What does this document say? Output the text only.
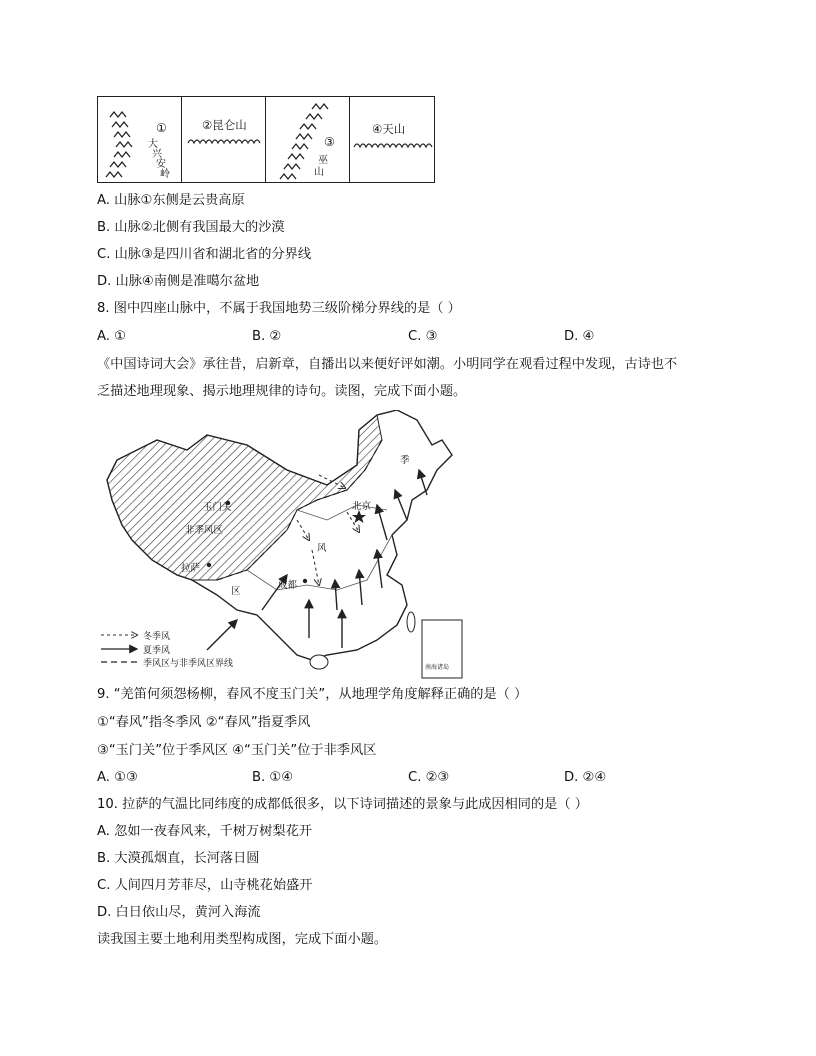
①
大
兴
安
岭
②昆仑山
③
巫
山
④天山
A. 山脉①东侧是云贵高原
B. 山脉②北侧有我国最大的沙漠
C. 山脉③是四川省和湖北省的分界线
D. 山脉④南侧是准噶尔盆地
8. 图中四座山脉中，不属于我国地势三级阶梯分界线的是（ ）
A. ①	B. ②	C. ③	D. ④
《中国诗词大会》承往昔，启新章，自播出以来便好评如潮。小明同学在观看过程中发现，古诗也不
乏描述地理现象、揭示地理规律的诗句。读图，完成下面小题。
玉门关
非季风区
拉萨
成都
北京
季
风
区
南海诸岛
冬季风
夏季风
季风区与非季风区界线
9. “羌笛何须怨杨柳，春风不度玉门关”，从地理学角度解释正确的是（ ）
①“春风”指冬季风 ②“春风”指夏季风
③“玉门关”位于季风区 ④“玉门关”位于非季风区
A. ①③	B. ①④	C. ②③	D. ②④
10. 拉萨的气温比同纬度的成都低很多，以下诗词描述的景象与此成因相同的是（ ）
A. 忽如一夜春风来，千树万树梨花开
B. 大漠孤烟直，长河落日圆
C. 人间四月芳菲尽，山寺桃花始盛开
D. 白日依山尽，黄河入海流
读我国主要土地利用类型构成图，完成下面小题。
